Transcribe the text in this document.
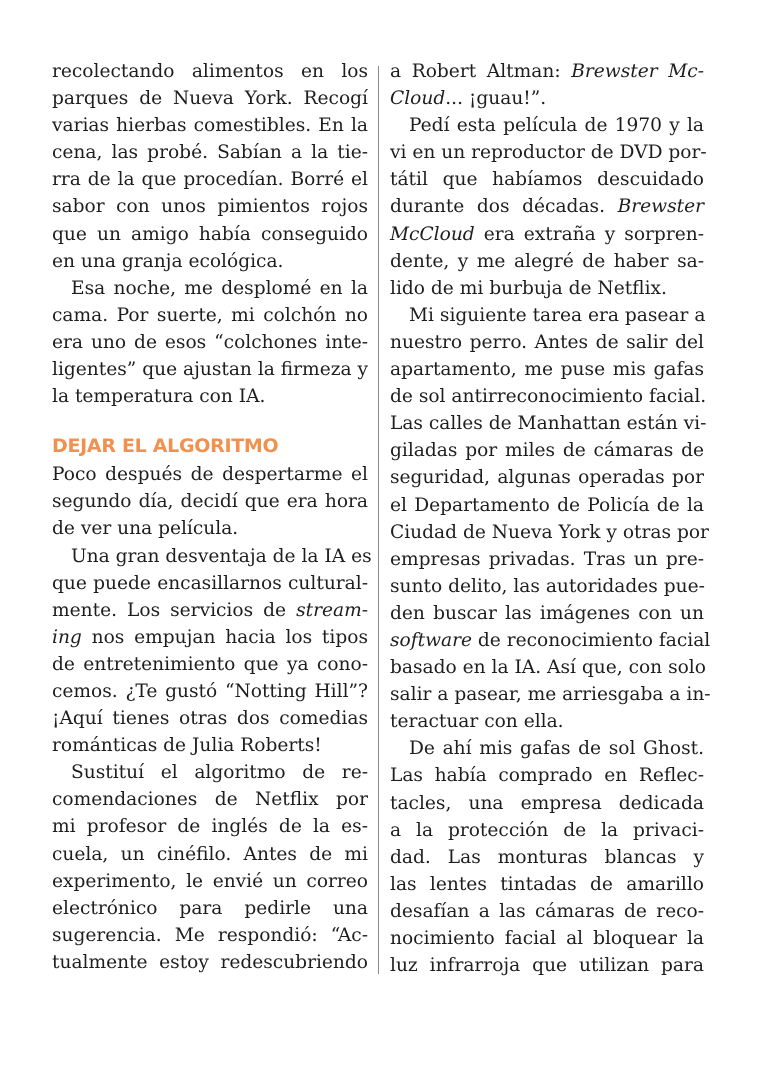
recolectando alimentos en los
parques de Nueva York. Recogí
varias hierbas comestibles. En la
cena, las probé. Sabían a la tie-
rra de la que procedían. Borré el
sabor con unos pimientos rojos
que un amigo había conseguido
en una granja ecológica.
Esa noche, me desplomé en la
cama. Por suerte, mi colchón no
era uno de esos “colchones inte-
ligentes” que ajustan la firmeza y
la temperatura con IA.
DEJAR EL ALGORITMO
Poco después de despertarme el
segundo día, decidí que era hora
de ver una película.
Una gran desventaja de la IA es
que puede encasillarnos cultural-
mente. Los servicios de stream-
ing nos empujan hacia los tipos
de entretenimiento que ya cono-
cemos. ¿Te gustó “Notting Hill”?
¡Aquí tienes otras dos comedias
románticas de Julia Roberts!
Sustituí el algoritmo de re-
comendaciones de Netflix por
mi profesor de inglés de la es-
cuela, un cinéfilo. Antes de mi
experimento, le envié un correo
electrónico para pedirle una
sugerencia. Me respondió: “Ac-
tualmente estoy redescubriendo
a Robert Altman: Brewster Mc-
Cloud... ¡guau!”.
Pedí esta película de 1970 y la
vi en un reproductor de DVD por-
tátil que habíamos descuidado
durante dos décadas. Brewster
McCloud era extraña y sorpren-
dente, y me alegré de haber sa-
lido de mi burbuja de Netflix.
Mi siguiente tarea era pasear a
nuestro perro. Antes de salir del
apartamento, me puse mis gafas
de sol antirreconocimiento facial.
Las calles de Manhattan están vi-
giladas por miles de cámaras de
seguridad, algunas operadas por
el Departamento de Policía de la
Ciudad de Nueva York y otras por
empresas privadas. Tras un pre-
sunto delito, las autoridades pue-
den buscar las imágenes con un
software de reconocimiento facial
basado en la IA. Así que, con solo
salir a pasear, me arriesgaba a in-
teractuar con ella.
De ahí mis gafas de sol Ghost.
Las había comprado en Reflec-
tacles, una empresa dedicada
a la protección de la privaci-
dad. Las monturas blancas y
las lentes tintadas de amarillo
desafían a las cámaras de reco-
nocimiento facial al bloquear la
luz infrarroja que utilizan para
